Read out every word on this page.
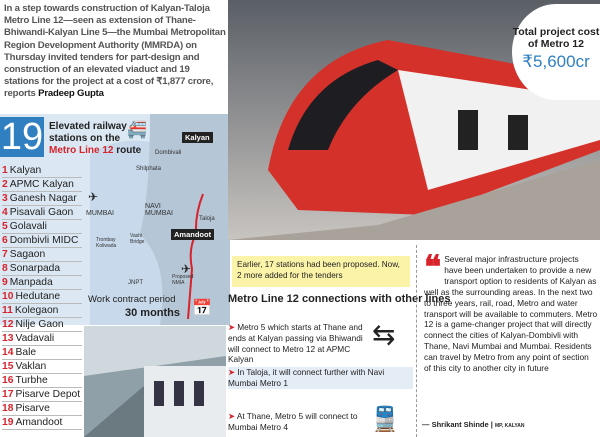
In a step towards construction of Kalyan-Taloja Metro Line 12—seen as extension of Thane-Bhiwandi-Kalyan Line 5—the Mumbai Metropolitan Region Development Authority (MMRDA) on Thursday invited tenders for part-design and construction of an elevated viaduct and 19 stations for the project at a cost of ₹1,877 crore, reports Pradeep Gupta
19 Elevated railway stations on the Metro Line 12 route
🚝
1 Kalyan
2 APMC Kalyan
3 Ganesh Nagar
4 Pisavali Gaon
5 Golavali
6 Dombivli MIDC
7 Sagaon
8 Sonarpada
9 Manpada
10 Hedutane
11 Kolegaon
12 Nilje Gaon
13 Vadavali
14 Bale
15 Vaklan
16 Turbhe
17 Pisarve Depot
18 Pisarve
19 Amandoot
Kalyan
Dombivali
Shilphata
MUMBAI
NAVI MUMBAI
Taloja
Amandoot
Trombay Koliwada
Vashi Bridge
JNPT
Proposed NMIA
✈
✈
Work contract period
30 months 📅
Total project cost of Metro 12
₹5,600cr
Earlier, 17 stations had been proposed. Now, 2 more added for the tenders
Metro Line 12 connections with other lines
➤ Metro 5 which starts at Thane and ends at Kalyan passing via Bhiwandi will connect to Metro 12 at APMC Kalyan
➤ In Taloja, it will connect further with Navi Mumbai Metro 1
➤ At Thane, Metro 5 will connect to Mumbai Metro 4
⇆
🚆
❝ Several major infrastructure projects have been undertaken to provide a new transport option to residents of Kalyan as well as the surrounding areas. In the next two to three years, rail, road, Metro and water transport will be available to commuters. Metro 12 is a game-changer project that will directly connect the cities of Kalyan-Dombivli with Thane, Navi Mumbai and Mumbai. Residents can travel by Metro from any point of section of this city to another city in future
— Shrikant Shinde | MP, KALYAN
